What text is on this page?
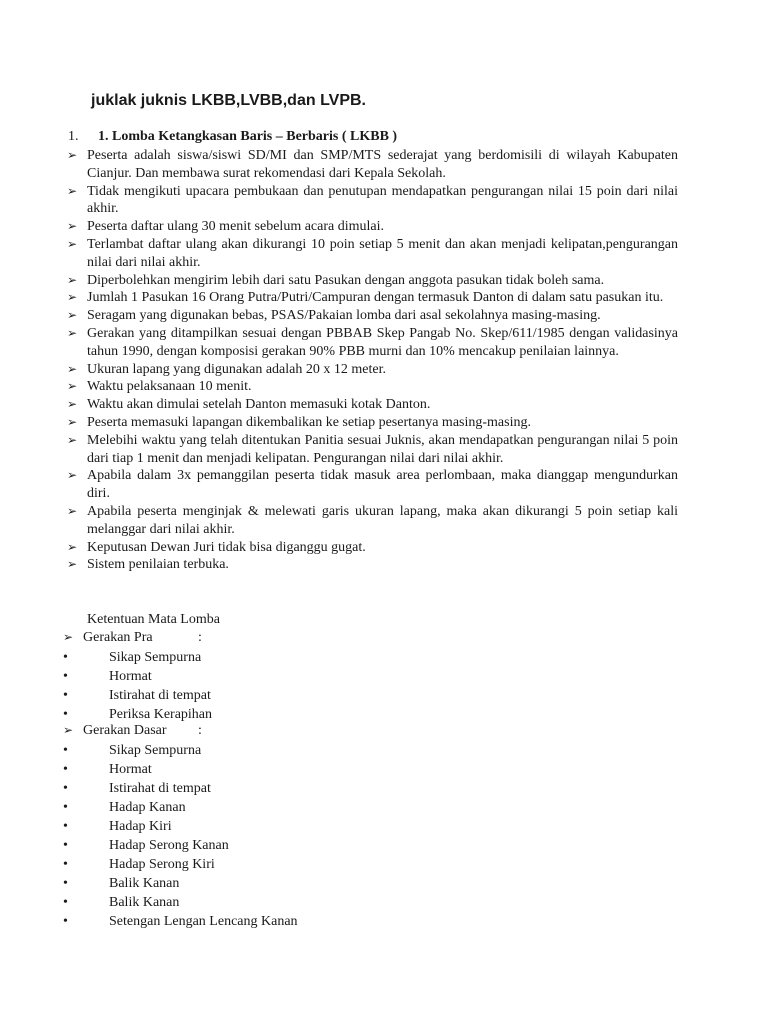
juklak juknis LKBB,LVBB,dan LVPB.
1. 1. Lomba Ketangkasan Baris – Berbaris ( LKBB )
➢ Peserta adalah siswa/siswi SD/MI dan SMP/MTS sederajat yang berdomisili di wilayah Kabupaten Cianjur. Dan membawa surat rekomendasi dari Kepala Sekolah.
➢ Tidak mengikuti upacara pembukaan dan penutupan mendapatkan pengurangan nilai 15 poin dari nilai akhir.
➢ Peserta daftar ulang 30 menit sebelum acara dimulai.
➢ Terlambat daftar ulang akan dikurangi 10 poin setiap 5 menit dan akan menjadi kelipatan,pengurangan nilai dari nilai akhir.
➢ Diperbolehkan mengirim lebih dari satu Pasukan dengan anggota pasukan tidak boleh sama.
➢ Jumlah 1 Pasukan 16 Orang Putra/Putri/Campuran dengan termasuk Danton di dalam satu pasukan itu.
➢ Seragam yang digunakan bebas, PSAS/Pakaian lomba dari asal sekolahnya masing-masing.
➢ Gerakan yang ditampilkan sesuai dengan PBBAB Skep Pangab No. Skep/611/1985 dengan validasinya tahun 1990, dengan komposisi gerakan 90% PBB murni dan 10% mencakup penilaian lainnya.
➢ Ukuran lapang yang digunakan adalah 20 x 12 meter.
➢ Waktu pelaksanaan 10 menit.
➢ Waktu akan dimulai setelah Danton memasuki kotak Danton.
➢ Peserta memasuki lapangan dikembalikan ke setiap pesertanya masing-masing.
➢ Melebihi waktu yang telah ditentukan Panitia sesuai Juknis, akan mendapatkan pengurangan nilai 5 poin dari tiap 1 menit dan menjadi kelipatan. Pengurangan nilai dari nilai akhir.
➢ Apabila dalam 3x pemanggilan peserta tidak masuk area perlombaan, maka dianggap mengundurkan diri.
➢ Apabila peserta menginjak & melewati garis ukuran lapang, maka akan dikurangi 5 poin setiap kali melanggar dari nilai akhir.
➢ Keputusan Dewan Juri tidak bisa diganggu gugat.
➢ Sistem penilaian terbuka.
Ketentuan Mata Lomba
➢ Gerakan Pra	:
•	Sikap Sempurna
•	Hormat
•	Istirahat di tempat
•	Periksa Kerapihan
➢ Gerakan Dasar :
•	Sikap Sempurna
•	Hormat
•	Istirahat di tempat
•	Hadap Kanan
•	Hadap Kiri
•	Hadap Serong Kanan
•	Hadap Serong Kiri
•	Balik Kanan
•	Balik Kanan
•	Setengan Lengan Lencang Kanan
